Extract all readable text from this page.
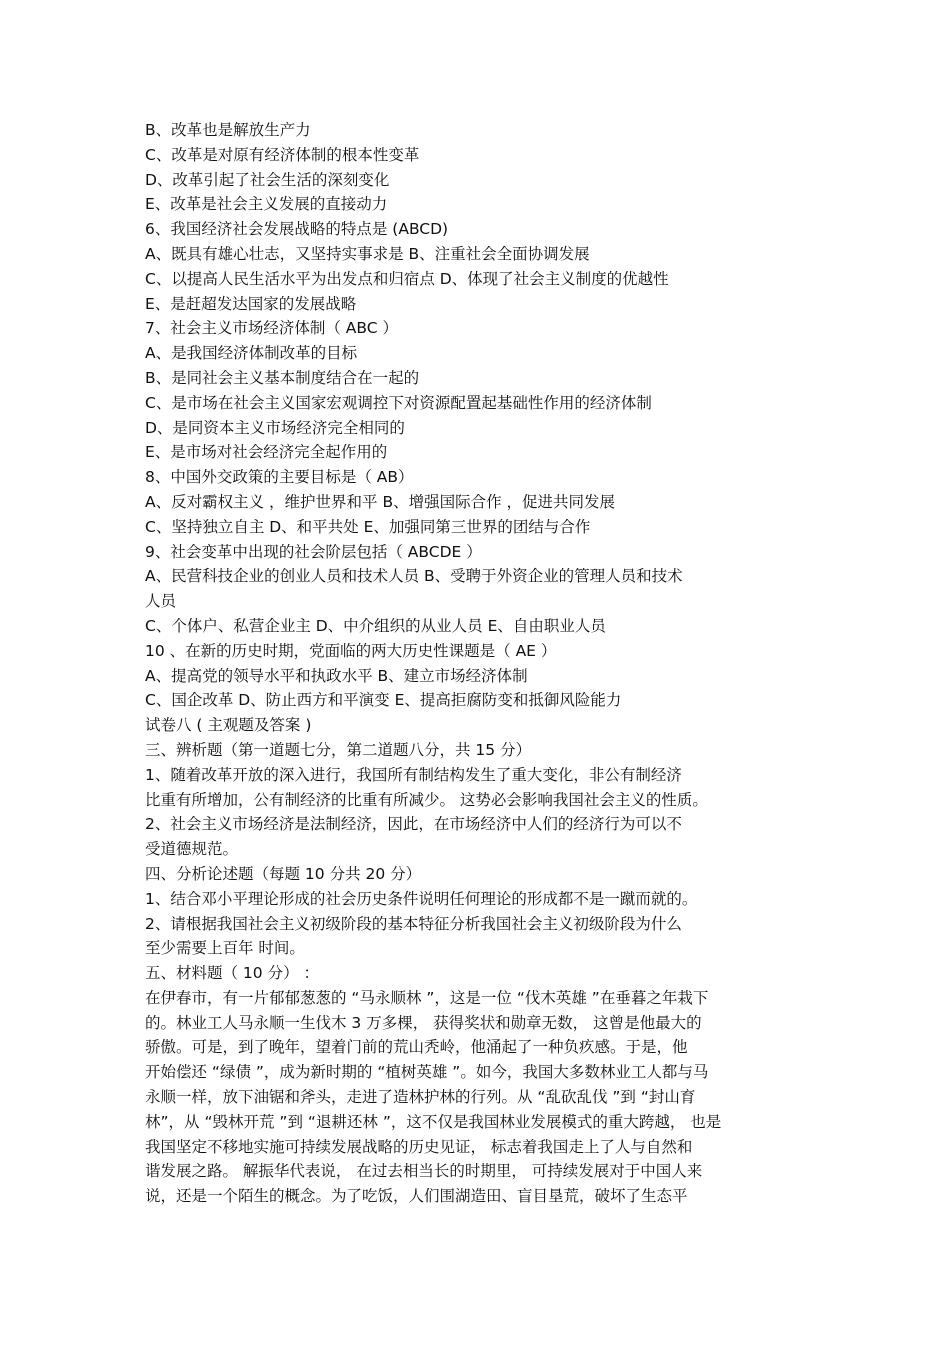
B、改革也是解放生产力
C、改革是对原有经济体制的根本性变革
D、改革引起了社会生活的深刻变化
E、改革是社会主义发展的直接动力
6、我国经济社会发展战略的特点是 (ABCD)
A、既具有雄心壮志，又坚持实事求是 B、注重社会全面协调发展
C、以提高人民生活水平为出发点和归宿点 D、体现了社会主义制度的优越性
E、是赶超发达国家的发展战略
7、社会主义市场经济体制（ ABC ）
A、是我国经济体制改革的目标
B、是同社会主义基本制度结合在一起的
C、是市场在社会主义国家宏观调控下对资源配置起基础性作用的经济体制
D、是同资本主义市场经济完全相同的
E、是市场对社会经济完全起作用的
8、中国外交政策的主要目标是（ AB）
A、反对霸权主义 ，维护世界和平 B、增强国际合作 ，促进共同发展
C、坚持独立自主 D、和平共处 E、加强同第三世界的团结与合作
9、社会变革中出现的社会阶层包括（ ABCDE ）
A、民营科技企业的创业人员和技术人员 B、受聘于外资企业的管理人员和技术
人员
C、个体户、私营企业主 D、中介组织的从业人员 E、自由职业人员
10 、在新的历史时期，党面临的两大历史性课题是（ AE ）
A、提高党的领导水平和执政水平 B、建立市场经济体制
C、国企改革 D、防止西方和平演变 E、提高拒腐防变和抵御风险能力
试卷八 ( 主观题及答案 )
三、辨析题（第一道题七分，第二道题八分，共 15 分）
1、随着改革开放的深入进行，我国所有制结构发生了重大变化，非公有制经济
比重有所增加，公有制经济的比重有所减少。 这势必会影响我国社会主义的性质。
2、社会主义市场经济是法制经济，因此，在市场经济中人们的经济行为可以不
受道德规范。
四、分析论述题（每题 10 分共 20 分）
1、结合邓小平理论形成的社会历史条件说明任何理论的形成都不是一蹴而就的。
2、请根据我国社会主义初级阶段的基本特征分析我国社会主义初级阶段为什么
至少需要上百年 时间。
五、材料题（ 10 分） ：
在伊春市，有一片郁郁葱葱的 “马永顺林 ”，这是一位 “伐木英雄 ”在垂暮之年栽下
的。林业工人马永顺一生伐木 3 万多棵， 获得奖状和勋章无数， 这曾是他最大的
骄傲。可是，到了晚年，望着门前的荒山秃岭，他涌起了一种负疚感。于是，他
开始偿还 “绿债 ”，成为新时期的 “植树英雄 ”。如今，我国大多数林业工人都与马
永顺一样，放下油锯和斧头，走进了造林护林的行列。从 “乱砍乱伐 ”到 “封山育
林”，从 “毁林开荒 ”到 “退耕还林 ”，这不仅是我国林业发展模式的重大跨越， 也是
我国坚定不移地实施可持续发展战略的历史见证， 标志着我国走上了人与自然和
谐发展之路。 解振华代表说， 在过去相当长的时期里， 可持续发展对于中国人来
说，还是一个陌生的概念。为了吃饭，人们围湖造田、盲目垦荒，破坏了生态平
